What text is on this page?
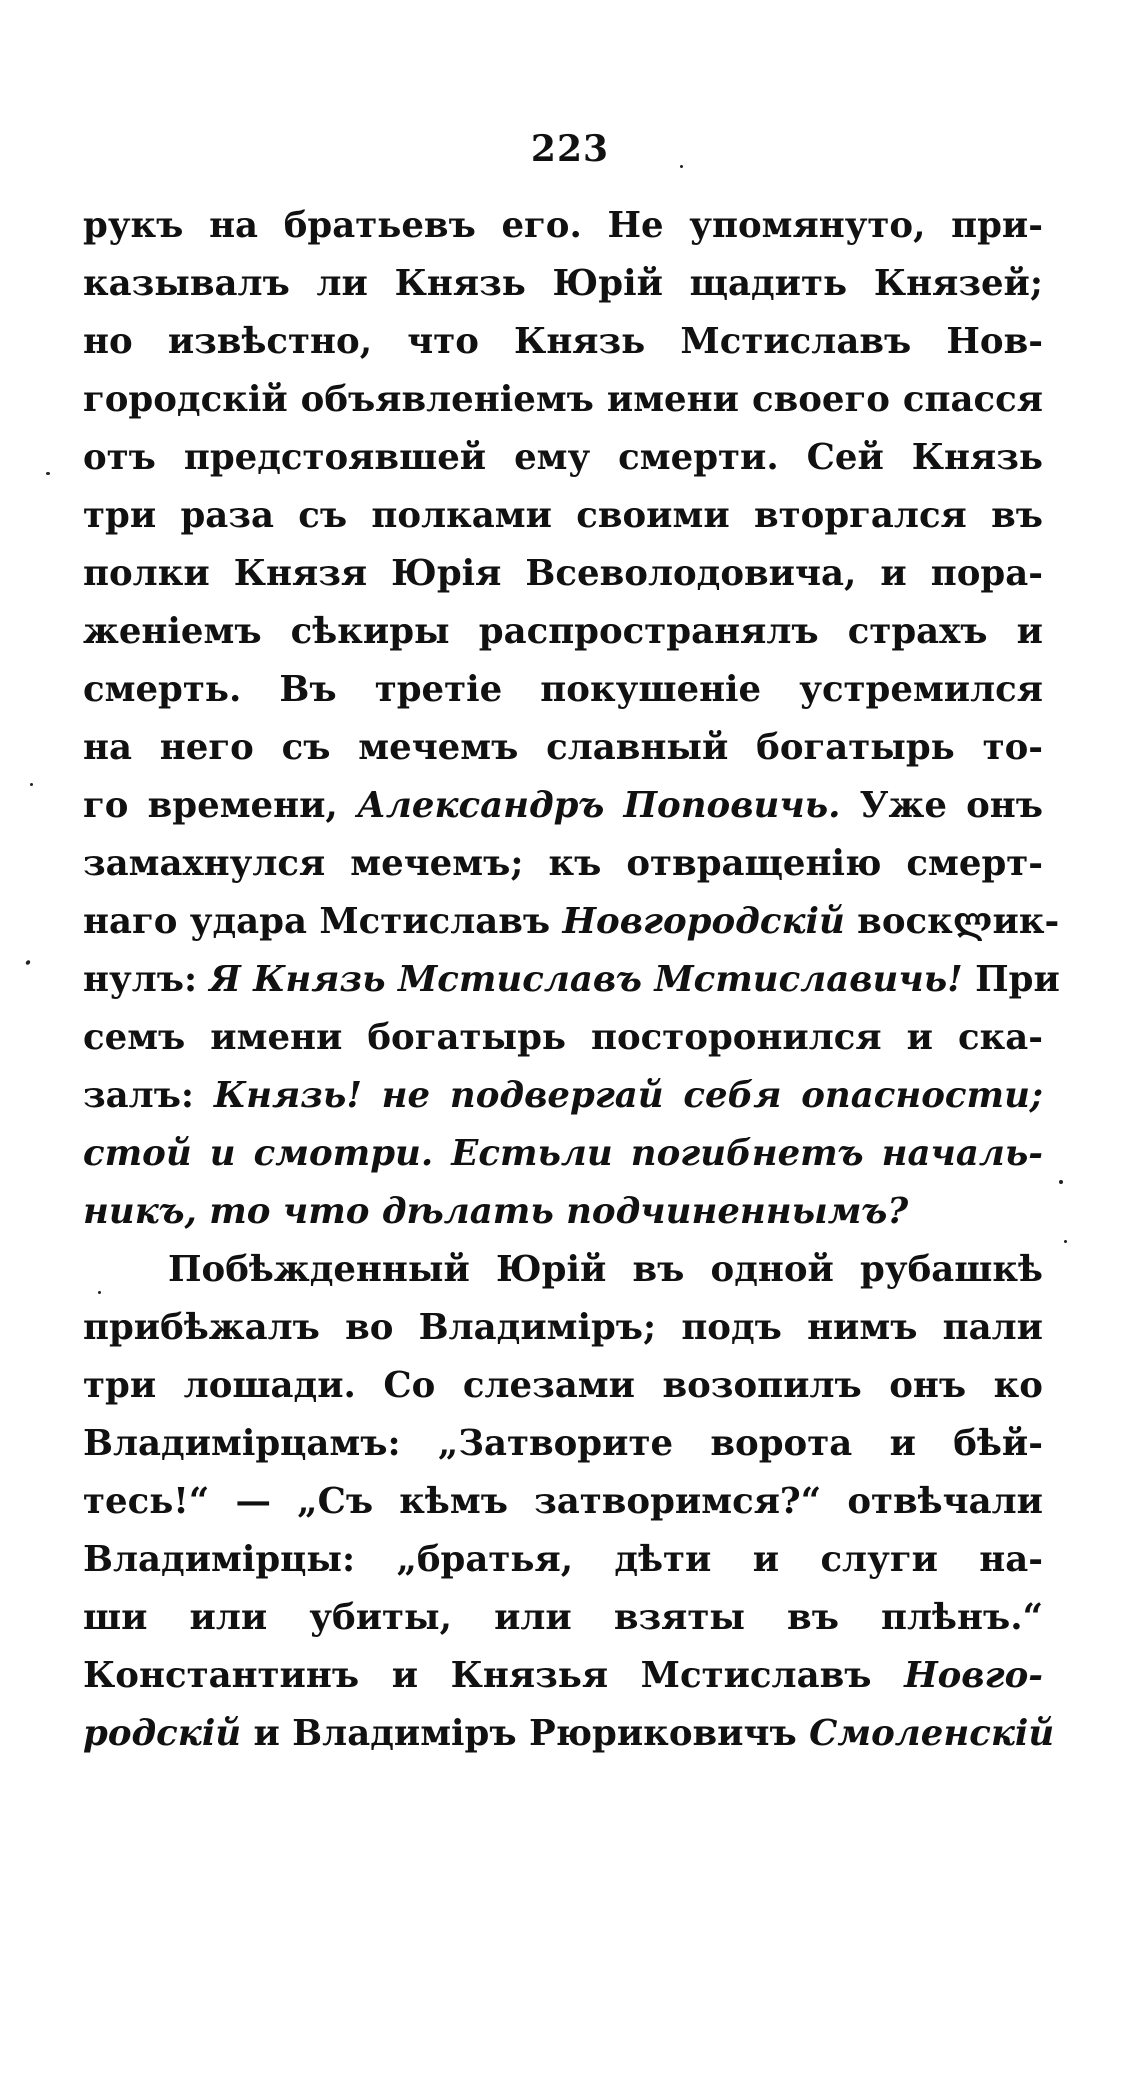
223
рукъ на братьевъ его. Не упомянуто, при-
казывалъ ли Князь Юрій щадить Князей;
но извѣстно, что Князь Мстиславъ Нов-
городскій объявленіемъ имени своего спасся
отъ предстоявшей ему смерти. Сей Князь
три раза съ полками своими вторгался въ
полки Князя Юрія Всеволодовича, и пора-
женіемъ сѣкиры распространялъ страхъ и
смерть. Въ третіе покушеніе устремился
на него съ мечемъ славный богатырь то-
го времени, Александръ Поповичь. Уже онъ
замахнулся мечемъ; къ отвращенію смерт-
наго удара Мстиславъ Новгородскій воскლик-
нулъ: Я Князь Мстиславъ Мстиславичь! При
семъ имени богатырь посторонился и ска-
залъ: Князь! не подвергай себя опасности;
стой и смотри. Естьли погибнетъ началь-
никъ, то что дѣлать подчиненнымъ?
Побѣжденный Юрій въ одной рубашкѣ
прибѣжалъ во Владиміръ; подъ нимъ пали
три лошади. Со слезами возопилъ онъ ко
Владимірцамъ: „Затворите ворота и бѣй-
тесь!“ — „Съ кѣмъ затворимся?“ отвѣчали
Владимірцы: „братья, дѣти и слуги на-
ши или убиты, или взяты въ плѣнъ.“
Константинъ и Князья Мстиславъ Новго-
родскій и Владиміръ Рюриковичъ Смоленскій
